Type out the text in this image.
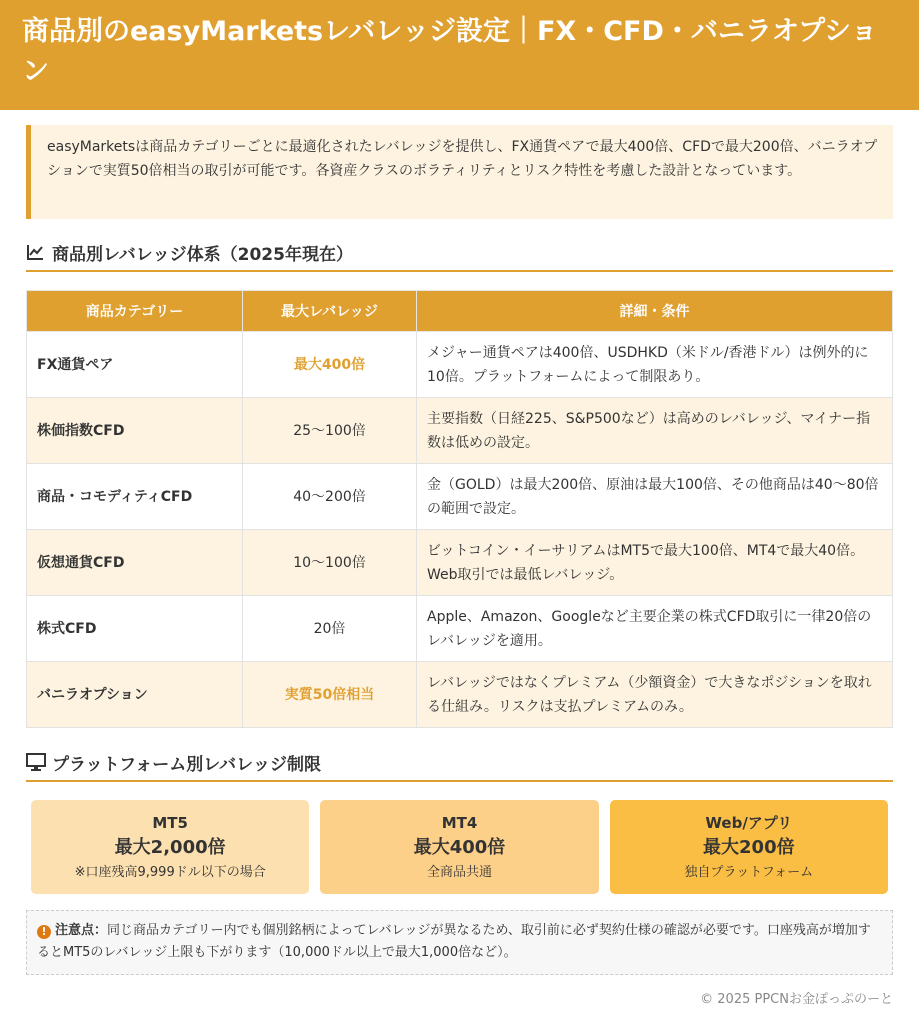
商品別のeasyMarketsレバレッジ設定｜FX・CFD・バニラオプション

easyMarketsは商品カテゴリーごとに最適化されたレバレッジを提供し、FX通貨ペアで最大400倍、CFDで最大200倍、バニラオプションで実質50倍相当の取引が可能です。各資産クラスのボラティリティとリスク特性を考慮した設計となっています。

商品別レバレッジ体系（2025年現在）
商品カテゴリー	最大レバレッジ	詳細・条件
FX通貨ペア	最大400倍	メジャー通貨ペアは400倍、USDHKD（米ドル/香港ドル）は例外的に10倍。プラットフォームによって制限あり。
株価指数CFD	25〜100倍	主要指数（日経225、S&P500など）は高めのレバレッジ、マイナー指数は低めの設定。
商品・コモディティCFD	40〜200倍	金（GOLD）は最大200倍、原油は最大100倍、その他商品は40〜80倍の範囲で設定。
仮想通貨CFD	10〜100倍	ビットコイン・イーサリアムはMT5で最大100倍、MT4で最大40倍。Web取引では最低レバレッジ。
株式CFD	20倍	Apple、Amazon、Googleなど主要企業の株式CFD取引に一律20倍のレバレッジを適用。
バニラオプション	実質50倍相当	レバレッジではなくプレミアム（少額資金）で大きなポジションを取れる仕組み。リスクは支払プレミアムのみ。
プラットフォーム別レバレッジ制限
MT5
最大2,000倍
※口座残高9,999ドル以下の場合
MT4
最大400倍
全商品共通
Web/アプリ
最大200倍
独自プラットフォーム
! 注意点：同じ商品カテゴリー内でも個別銘柄によってレバレッジが異なるため、取引前に必ず契約仕様の確認が必要です。口座残高が増加するとMT5のレバレッジ上限も下がります（10,000ドル以上で最大1,000倍など）。
© 2025 PPCNお金ぽっぷのーと
